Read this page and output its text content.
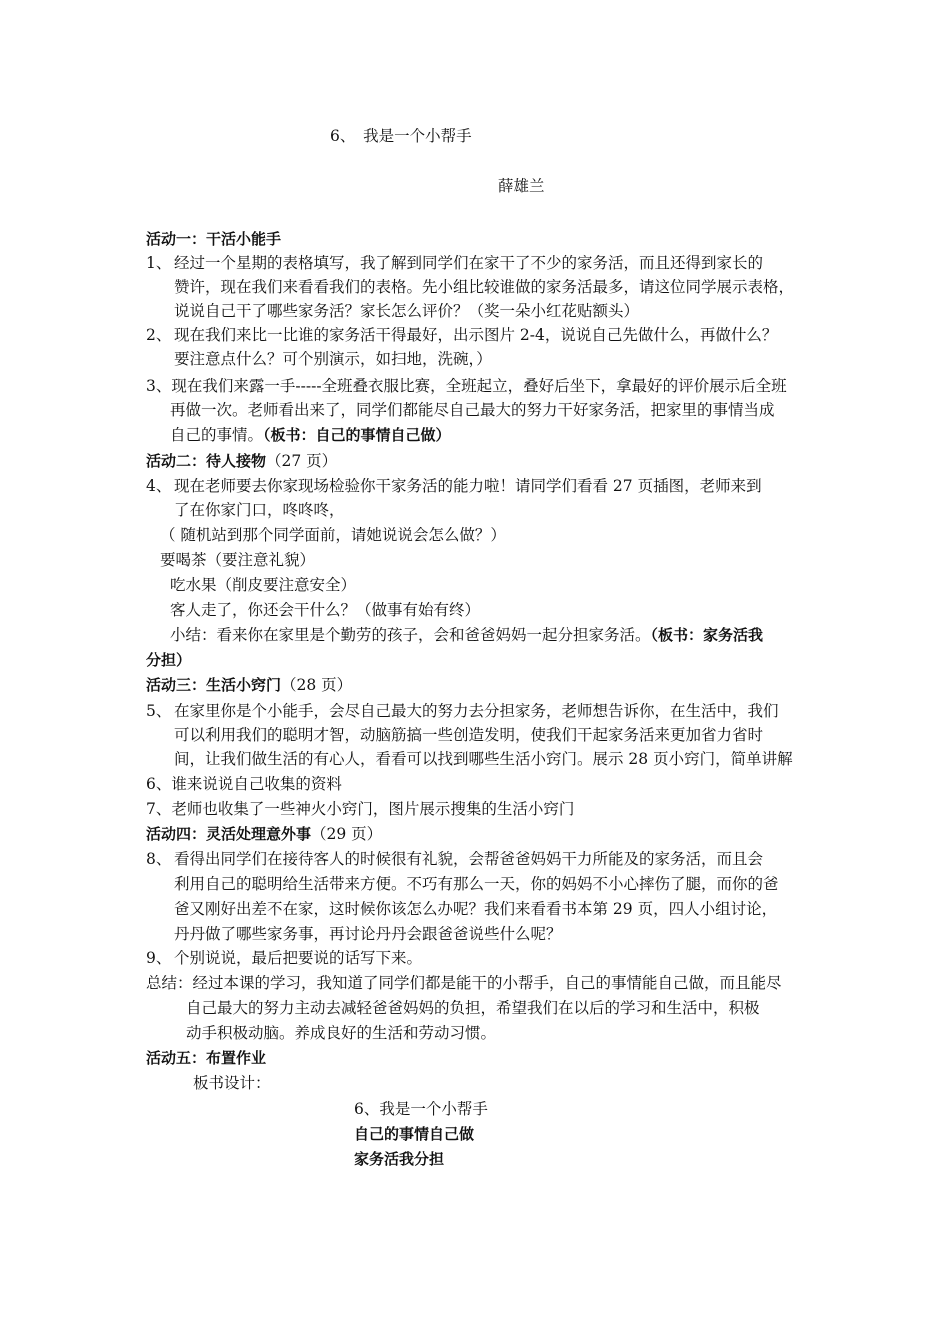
6、　我是一个小帮手
薛雄兰
活动一：干活小能手
1、 经过一个星期的表格填写，我了解到同学们在家干了不少的家务活，而且还得到家长的
赞许，现在我们来看看我们的表格。先小组比较谁做的家务活最多，请这位同学展示表格，
说说自己干了哪些家务活？家长怎么评价？（奖一朵小红花贴额头）
2、 现在我们来比一比谁的家务活干得最好，出示图片 2-4，说说自己先做什么，再做什么？
要注意点什么？可个别演示，如扫地，洗碗，）
3、现在我们来露一手-----全班叠衣服比赛，全班起立，叠好后坐下，拿最好的评价展示后全班
再做一次。老师看出来了，同学们都能尽自己最大的努力干好家务活，把家里的事情当成
自己的事情。（板书：自己的事情自己做）
活动二：待人接物（27 页）
4、 现在老师要去你家现场检验你干家务活的能力啦！请同学们看看 27 页插图，老师来到
了在你家门口，咚咚咚，
（ 随机站到那个同学面前，请她说说会怎么做？）
要喝茶（要注意礼貌）
吃水果（削皮要注意安全）
客人走了，你还会干什么？（做事有始有终）
小结：看来你在家里是个勤劳的孩子，会和爸爸妈妈一起分担家务活。（板书：家务活我
分担）
活动三：生活小窍门（28 页）
5、 在家里你是个小能手，会尽自己最大的努力去分担家务，老师想告诉你，在生活中，我们
可以利用我们的聪明才智，动脑筋搞一些创造发明，使我们干起家务活来更加省力省时
间，让我们做生活的有心人，看看可以找到哪些生活小窍门。展示 28 页小窍门，简单讲解
6、谁来说说自己收集的资料
7、老师也收集了一些神火小窍门，图片展示搜集的生活小窍门
活动四：灵活处理意外事（29 页）
8、 看得出同学们在接待客人的时候很有礼貌，会帮爸爸妈妈干力所能及的家务活，而且会
利用自己的聪明给生活带来方便。不巧有那么一天，你的妈妈不小心摔伤了腿，而你的爸
爸又刚好出差不在家，这时候你该怎么办呢？我们来看看书本第 29 页，四人小组讨论，
丹丹做了哪些家务事，再讨论丹丹会跟爸爸说些什么呢？
9、 个别说说，最后把要说的话写下来。
总结：经过本课的学习，我知道了同学们都是能干的小帮手，自己的事情能自己做，而且能尽
自己最大的努力主动去减轻爸爸妈妈的负担，希望我们在以后的学习和生活中，积极
动手积极动脑。养成良好的生活和劳动习惯。
活动五：布置作业
板书设计：
6、我是一个小帮手
自己的事情自己做
家务活我分担
